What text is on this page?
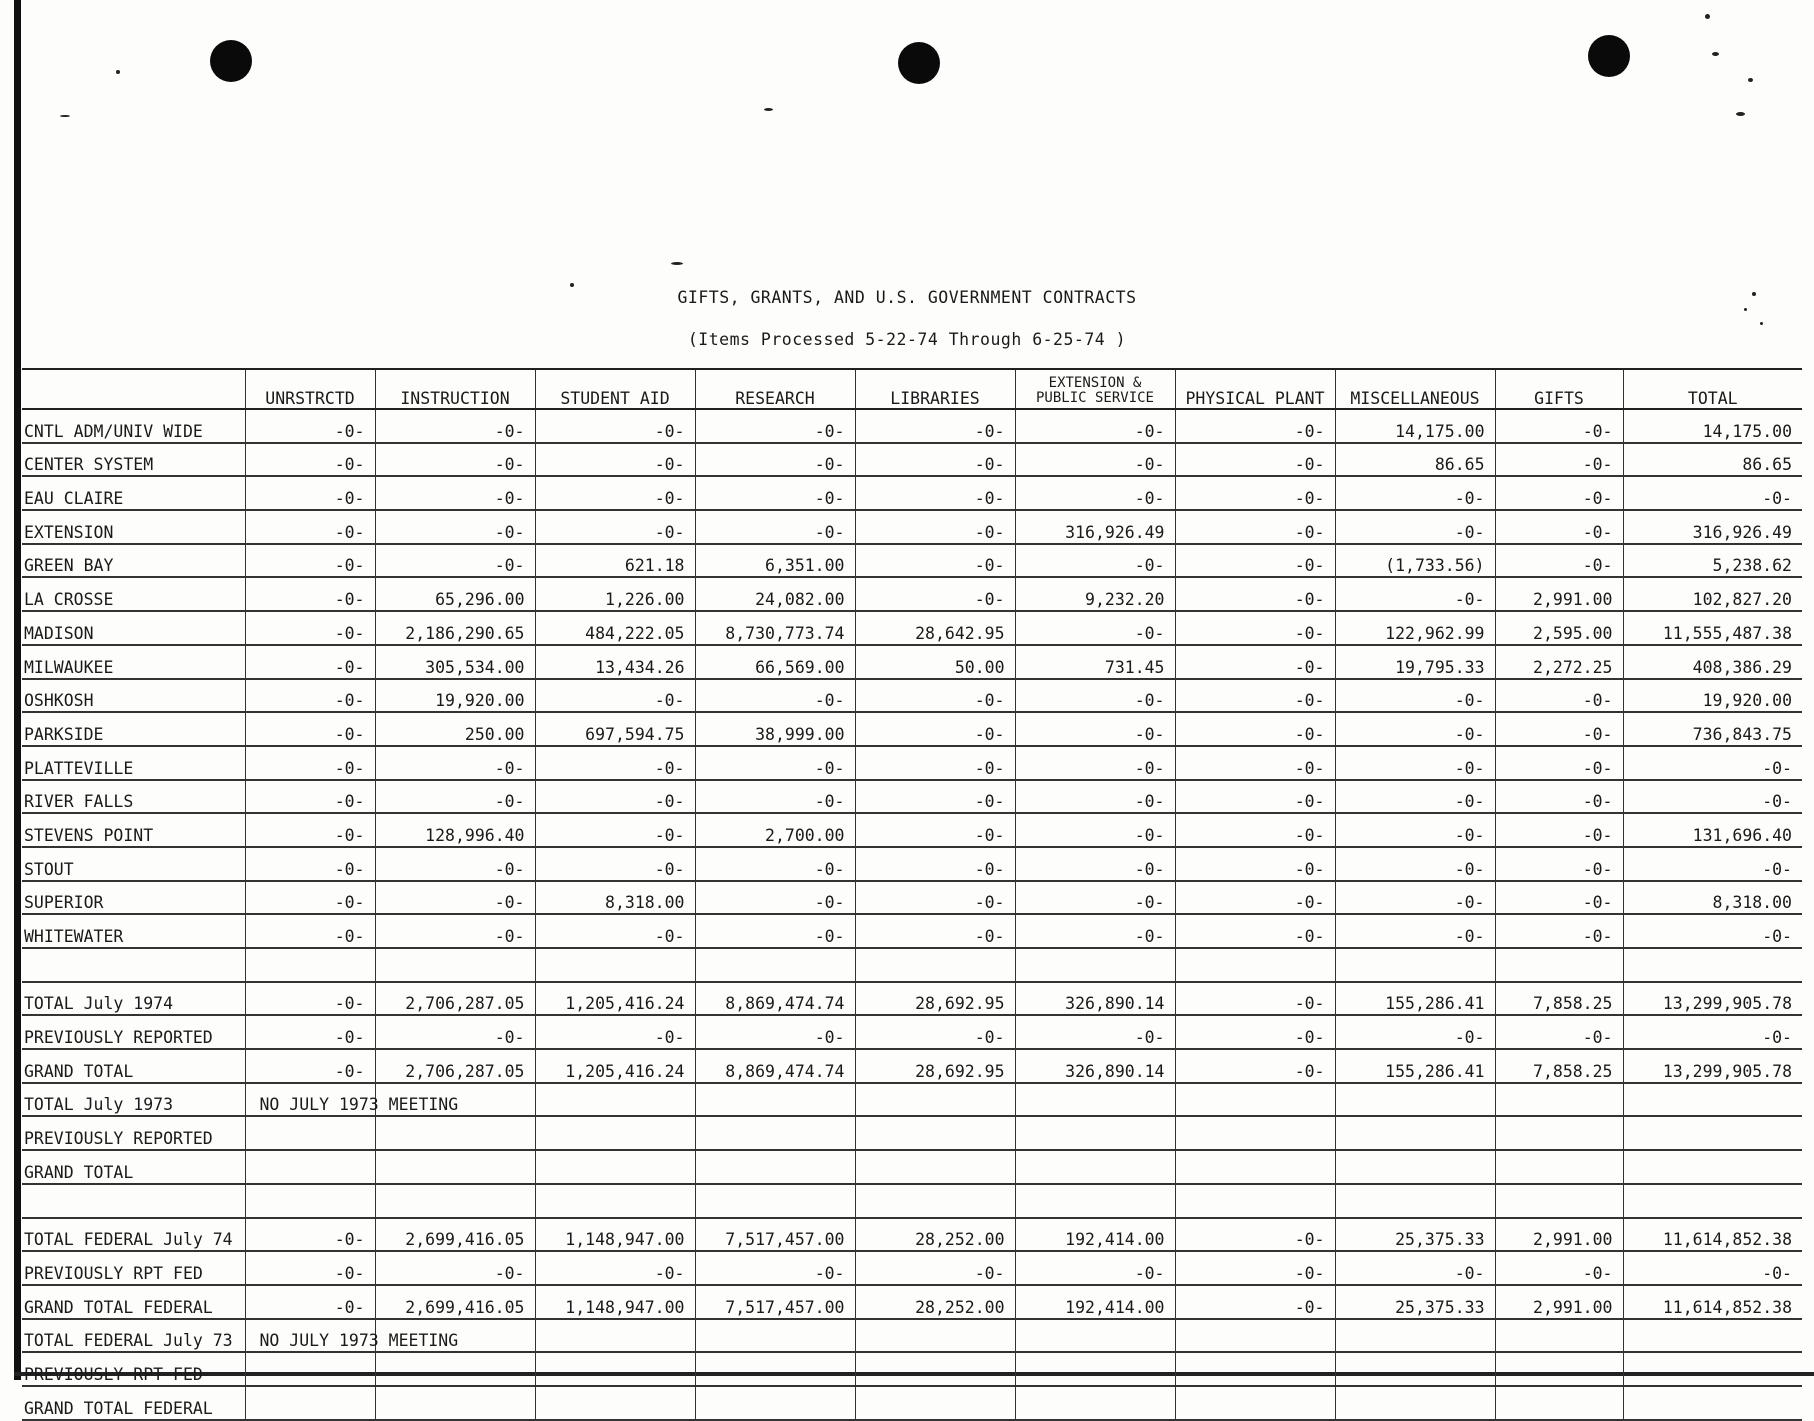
GIFTS, GRANTS, AND U.S. GOVERNMENT CONTRACTS
(Items Processed 5-22-74 Through 6-25-74 )
	UNRSTRCTD	INSTRUCTION	STUDENT AID	RESEARCH	LIBRARIES	EXTENSION &
PUBLIC SERVICE	PHYSICAL PLANT	MISCELLANEOUS	GIFTS	TOTAL
CNTL ADM/UNIV WIDE	-0-	-0-	-0-	-0-	-0-	-0-	-0-	14,175.00	-0-	14,175.00
CENTER SYSTEM	-0-	-0-	-0-	-0-	-0-	-0-	-0-	86.65	-0-	86.65
EAU CLAIRE	-0-	-0-	-0-	-0-	-0-	-0-	-0-	-0-	-0-	-0-
EXTENSION	-0-	-0-	-0-	-0-	-0-	316,926.49	-0-	-0-	-0-	316,926.49
GREEN BAY	-0-	-0-	621.18	6,351.00	-0-	-0-	-0-	(1,733.56)	-0-	5,238.62
LA CROSSE	-0-	65,296.00	1,226.00	24,082.00	-0-	9,232.20	-0-	-0-	2,991.00	102,827.20
MADISON	-0-	2,186,290.65	484,222.05	8,730,773.74	28,642.95	-0-	-0-	122,962.99	2,595.00	11,555,487.38
MILWAUKEE	-0-	305,534.00	13,434.26	66,569.00	50.00	731.45	-0-	19,795.33	2,272.25	408,386.29
OSHKOSH	-0-	19,920.00	-0-	-0-	-0-	-0-	-0-	-0-	-0-	19,920.00
PARKSIDE	-0-	250.00	697,594.75	38,999.00	-0-	-0-	-0-	-0-	-0-	736,843.75
PLATTEVILLE	-0-	-0-	-0-	-0-	-0-	-0-	-0-	-0-	-0-	-0-
RIVER FALLS	-0-	-0-	-0-	-0-	-0-	-0-	-0-	-0-	-0-	-0-
STEVENS POINT	-0-	128,996.40	-0-	2,700.00	-0-	-0-	-0-	-0-	-0-	131,696.40
STOUT	-0-	-0-	-0-	-0-	-0-	-0-	-0-	-0-	-0-	-0-
SUPERIOR	-0-	-0-	8,318.00	-0-	-0-	-0-	-0-	-0-	-0-	8,318.00
WHITEWATER	-0-	-0-	-0-	-0-	-0-	-0-	-0-	-0-	-0-	-0-

TOTAL July 1974	-0-	2,706,287.05	1,205,416.24	8,869,474.74	28,692.95	326,890.14	-0-	155,286.41	7,858.25	13,299,905.78
PREVIOUSLY REPORTED	-0-	-0-	-0-	-0-	-0-	-0-	-0-	-0-	-0-	-0-
GRAND TOTAL	-0-	2,706,287.05	1,205,416.24	8,869,474.74	28,692.95	326,890.14	-0-	155,286.41	7,858.25	13,299,905.78
TOTAL July 1973	NO JULY 1973 MEETING									
PREVIOUSLY REPORTED										
GRAND TOTAL										

TOTAL FEDERAL July 74	-0-	2,699,416.05	1,148,947.00	7,517,457.00	28,252.00	192,414.00	-0-	25,375.33	2,991.00	11,614,852.38
PREVIOUSLY RPT FED	-0-	-0-	-0-	-0-	-0-	-0-	-0-	-0-	-0-	-0-
GRAND TOTAL FEDERAL	-0-	2,699,416.05	1,148,947.00	7,517,457.00	28,252.00	192,414.00	-0-	25,375.33	2,991.00	11,614,852.38
TOTAL FEDERAL July 73	NO JULY 1973 MEETING									
PREVIOUSLY RPT FED										
GRAND TOTAL FEDERAL										
